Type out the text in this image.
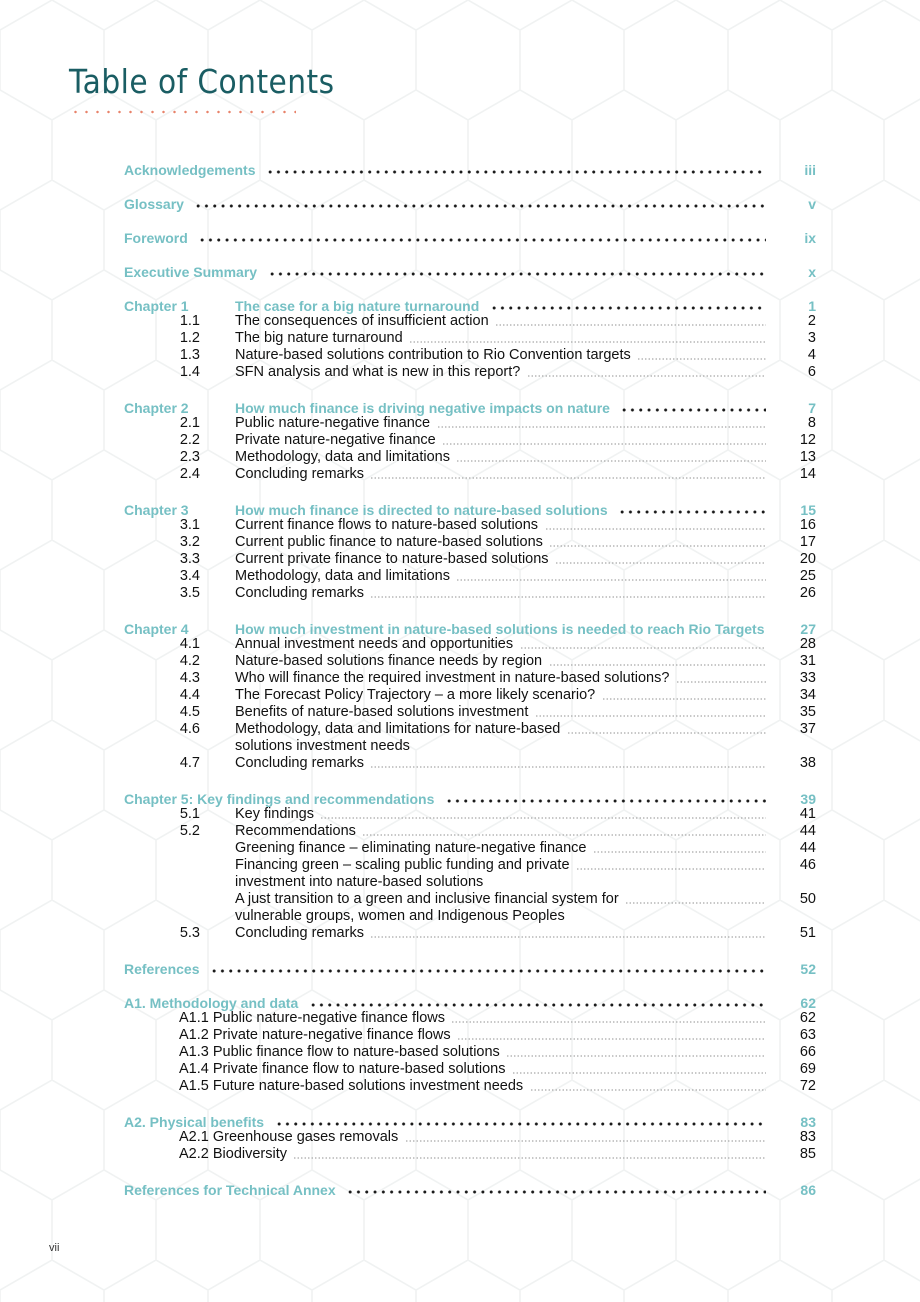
Table of Contents
Acknowledgements	iii
Glossary	v
Foreword	ix
Executive Summary	x
Chapter 1	The case for a big nature turnaround	1
1.1 The consequences of insufficient action	2
1.2 The big nature turnaround	3
1.3 Nature-based solutions contribution to Rio Convention targets	4
1.4 SFN analysis and what is new in this report?	6
Chapter 2	How much finance is driving negative impacts on nature	7
2.1 Public nature-negative finance	8
2.2 Private nature-negative finance	12
2.3 Methodology, data and limitations	13
2.4 Concluding remarks	14
Chapter 3	How much finance is directed to nature-based solutions	15
3.1 Current finance flows to nature-based solutions	16
3.2 Current public finance to nature-based solutions	17
3.3 Current private finance to nature-based solutions	20
3.4 Methodology, data and limitations	25
3.5 Concluding remarks	26
Chapter 4	How much investment in nature-based solutions is needed to reach Rio Targets	27
4.1 Annual investment needs and opportunities	28
4.2 Nature-based solutions finance needs by region	31
4.3 Who will finance the required investment in nature-based solutions?	33
4.4 The Forecast Policy Trajectory – a more likely scenario?	34
4.5 Benefits of nature-based solutions investment	35
4.6 Methodology, data and limitations for nature-based	37
solutions investment needs
4.7 Concluding remarks	38
Chapter 5: Key findings and recommendations	39
5.1 Key findings	41
5.2 Recommendations	44
Greening finance – eliminating nature-negative finance	44
Financing green – scaling public funding and private	46
investment into nature-based solutions
A just transition to a green and inclusive financial system for	50
vulnerable groups, women and Indigenous Peoples
5.3 Concluding remarks	51
References	52
A1. Methodology and data	62
A1.1 Public nature-negative finance flows	62
A1.2 Private nature-negative finance flows	63
A1.3 Public finance flow to nature-based solutions	66
A1.4 Private finance flow to nature-based solutions	69
A1.5 Future nature-based solutions investment needs	72
A2. Physical benefits	83
A2.1 Greenhouse gases removals	83
A2.2 Biodiversity	85
References for Technical Annex	86
vii
